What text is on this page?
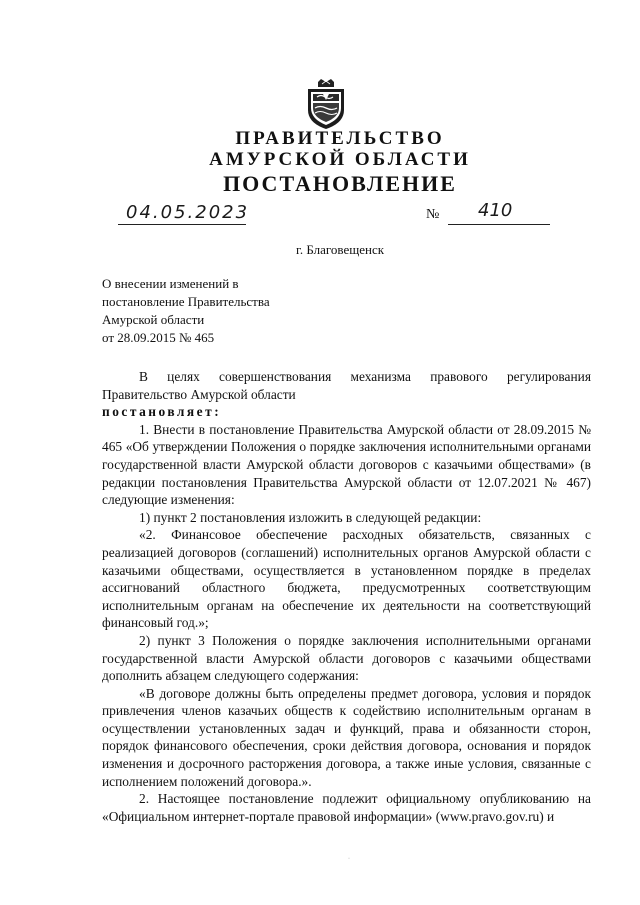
ПРАВИТЕЛЬСТВО
АМУРСКОЙ ОБЛАСТИ
ПОСТАНОВЛЕНИЕ
04.05.2023	№ 410
г. Благовещенск
О внесении изменений в
постановление Правительства
Амурской области
от 28.09.2015 № 465

В целях совершенствования механизма правового регулирования Правительство Амурской области

постановляет:

1. Внести в постановление Правительства Амурской области от 28.09.2015 № 465 «Об утверждении Положения о порядке заключения исполнительными органами государственной власти Амурской области договоров с казачьими обществами» (в редакции постановления Правительства Амурской области от 12.07.2021 № 467) следующие изменения:

1) пункт 2 постановления изложить в следующей редакции:

«2. Финансовое обеспечение расходных обязательств, связанных с реализацией договоров (соглашений) исполнительных органов Амурской области с казачьими обществами, осуществляется в установленном порядке в пределах ассигнований областного бюджета, предусмотренных соответствующим исполнительным органам на обеспечение их деятельности на соответствующий финансовый год.»;

2) пункт 3 Положения о порядке заключения исполнительными органами государственной власти Амурской области договоров с казачьими обществами дополнить абзацем следующего содержания:

«В договоре должны быть определены предмет договора, условия и порядок привлечения членов казачьих обществ к содействию исполнительным органам в осуществлении установленных задач и функций, права и обязанности сторон, порядок финансового обеспечения, сроки действия договора, основания и порядок изменения и досрочного расторжения договора, а также иные условия, связанные с исполнением положений договора.».

2. Настоящее постановление подлежит официальному опубликованию на «Официальном интернет-портале правовой информации» (www.pravo.gov.ru) и

·
